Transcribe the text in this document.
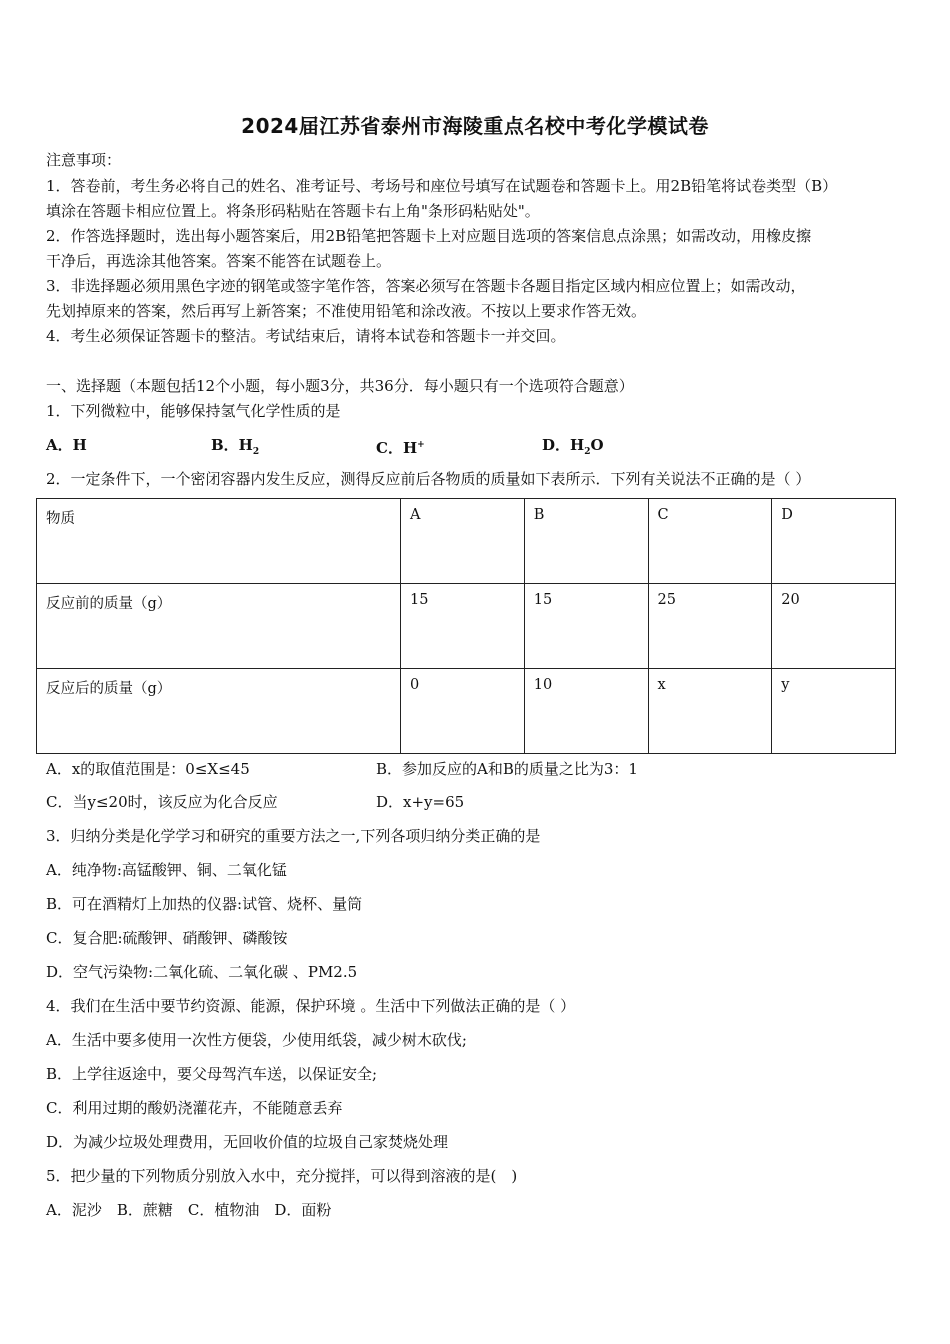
2024届江苏省泰州市海陵重点名校中考化学模试卷
注意事项：
1．答卷前，考生务必将自己的姓名、准考证号、考场号和座位号填写在试题卷和答题卡上。用2B铅笔将试卷类型（B）
填涂在答题卡相应位置上。将条形码粘贴在答题卡右上角"条形码粘贴处"。
2．作答选择题时，选出每小题答案后，用2B铅笔把答题卡上对应题目选项的答案信息点涂黑；如需改动，用橡皮擦
干净后，再选涂其他答案。答案不能答在试题卷上。
3．非选择题必须用黑色字迹的钢笔或签字笔作答，答案必须写在答题卡各题目指定区域内相应位置上；如需改动，
先划掉原来的答案，然后再写上新答案；不准使用铅笔和涂改液。不按以上要求作答无效。
4．考生必须保证答题卡的整洁。考试结束后，请将本试卷和答题卡一并交回。
一、选择题（本题包括12个小题，每小题3分，共36分．每小题只有一个选项符合题意）
1．下列微粒中，能够保持氢气化学性质的是
A．H	B．$H_2$	C．H+	D．$H_2O$
2．一定条件下，一个密闭容器内发生反应，测得反应前后各物质的质量如下表所示．下列有关说法不正确的是（ ）
物质	A	B	C	D
反应前的质量（g）	15	15	25	20
反应后的质量（g）	0	10	x	y
A．x的取值范围是：0≤X≤45	B．参加反应的A和B的质量之比为3：1
C．当y≤20时，该反应为化合反应	D．x+y=65
3．归纳分类是化学学习和研究的重要方法之一,下列各项归纳分类正确的是
A．纯净物:高锰酸钾、铜、二氧化锰
B．可在酒精灯上加热的仪器:试管、烧杯、量筒
C．复合肥:硫酸钾、硝酸钾、磷酸铵
D．空气污染物:二氧化硫、二氧化碳 、PM2.5
4．我们在生活中要节约资源、能源，保护环境 。生活中下列做法正确的是（ ）
A．生活中要多使用一次性方便袋，少使用纸袋，减少树木砍伐;
B．上学往返途中，要父母驾汽车送，以保证安全;
C．利用过期的酸奶浇灌花卉，不能随意丢弃
D．为减少垃圾处理费用，无回收价值的垃圾自己家焚烧处理
5．把少量的下列物质分别放入水中，充分搅拌，可以得到溶液的是(　)
A．泥沙　B．蔗糖　C．植物油　D．面粉
